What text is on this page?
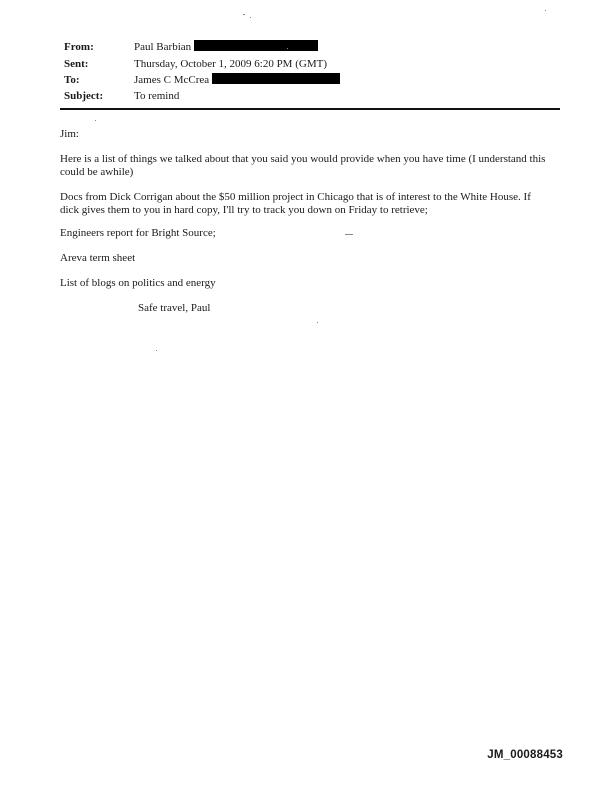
From:	Paul Barbian
Sent:	Thursday, October 1, 2009 6:20 PM (GMT)
To:	James C McCrea
Subject:	To remind
Jim:
Here is a list of things we talked about that you said you would provide when you have time (I understand this could be awhile)
Docs from Dick Corrigan about the $50 million project in Chicago that is of interest to the White House. If dick gives them to you in hard copy, I'll try to track you down on Friday to retrieve;
Engineers report for Bright Source;
Areva term sheet
List of blogs on politics and energy
Safe travel, Paul
JM_00088453
